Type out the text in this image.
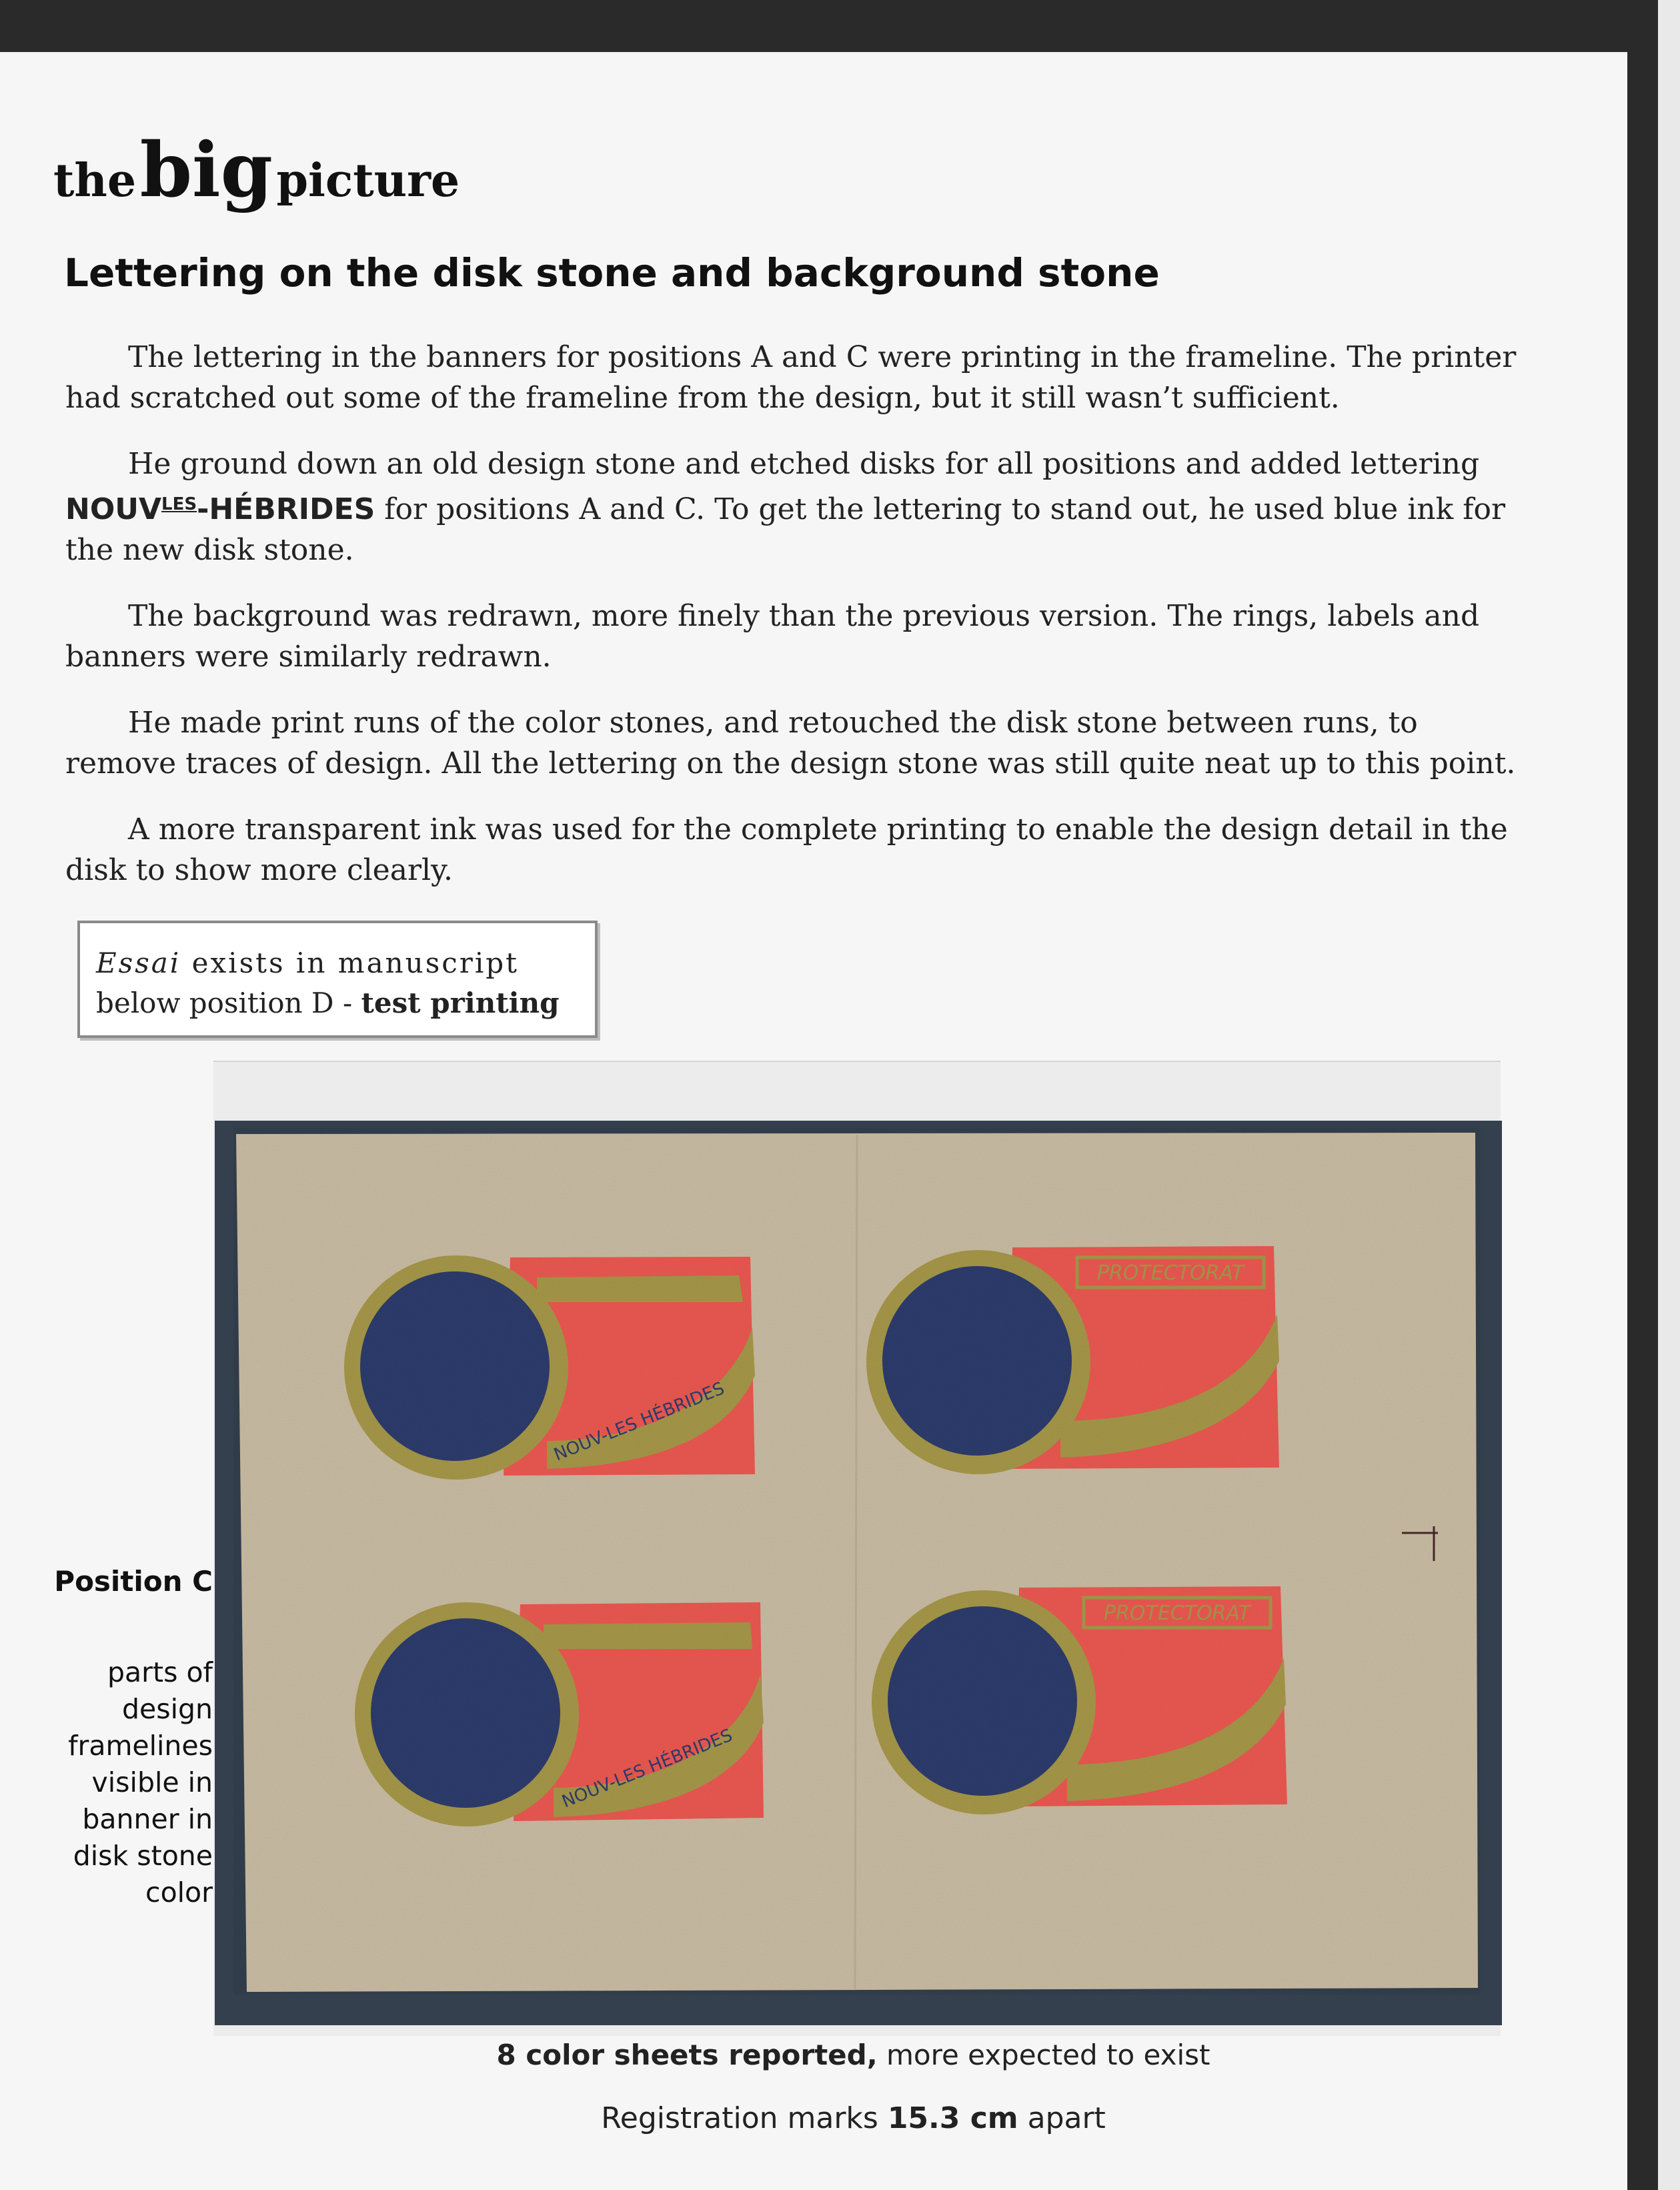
the big picture
Lettering on the disk stone and background stone

The lettering in the banners for positions A and C were printing in the frameline. The printer had scratched out some of the frameline from the design, but it still wasn’t sufficient.

He ground down an old design stone and etched disks for all positions and added lettering $NOUV^{LES}$-HÉBRIDES for positions A and C. To get the lettering to stand out, he used blue ink for the new disk stone.

The background was redrawn, more finely than the previous version. The rings, labels and banners were similarly redrawn.

He made print runs of the color stones, and retouched the disk stone between runs, to remove traces of design. All the lettering on the design stone was still quite neat up to this point.

A more transparent ink was used for the complete printing to enable the design detail in the disk to show more clearly.

Essai exists in manuscript
below position D - test printing
Position C
parts of
design
framelines
visible in
banner in
disk stone
color
8 color sheets reported, more expected to exist
Registration marks 15.3 cm apart
